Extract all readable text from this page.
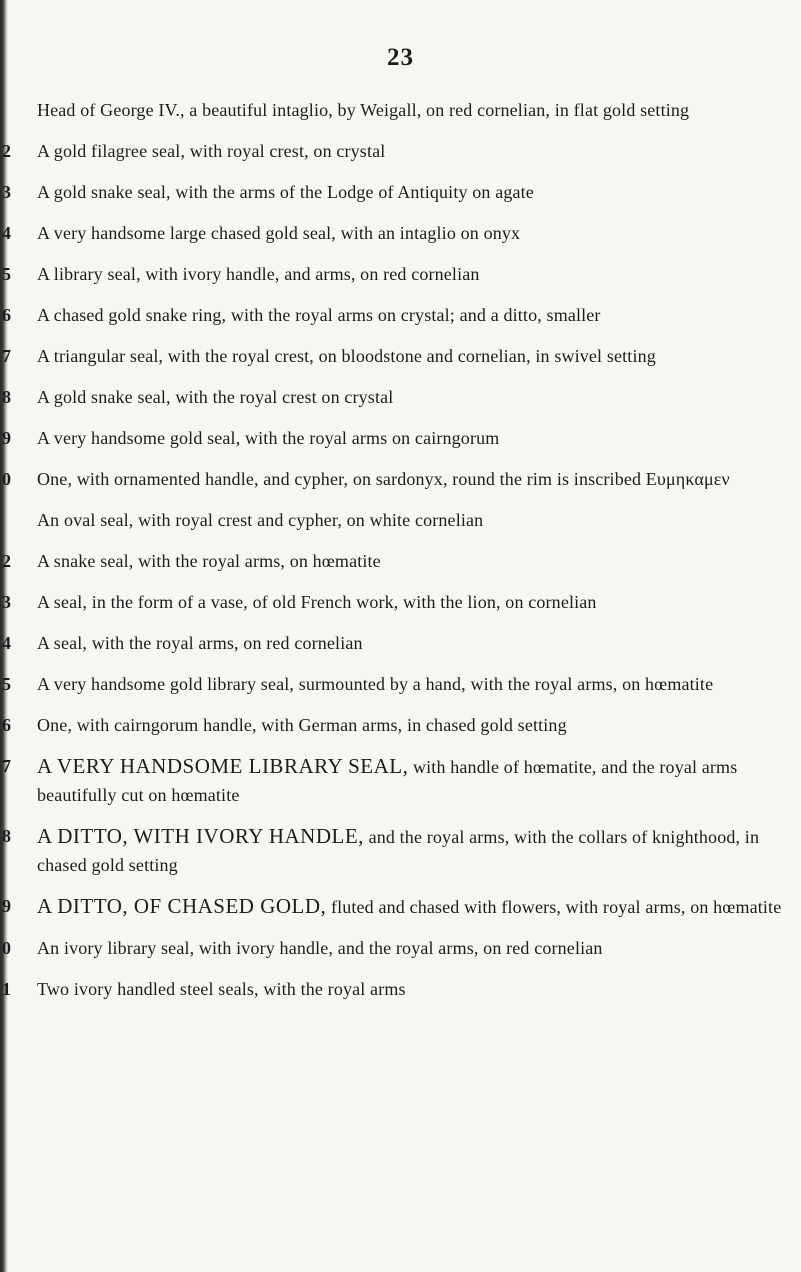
23
Head of George IV., a beautiful intaglio, by Weigall, on red cornelian, in flat gold setting
2 A gold filagree seal, with royal crest, on crystal
3 A gold snake seal, with the arms of the Lodge of Antiquity on agate
4 A very handsome large chased gold seal, with an intaglio on onyx
5 A library seal, with ivory handle, and arms, on red cornelian
6 A chased gold snake ring, with the royal arms on crystal; and a ditto, smaller
7 A triangular seal, with the royal crest, on bloodstone and cornelian, in swivel setting
8 A gold snake seal, with the royal crest on crystal
9 A very handsome gold seal, with the royal arms on cairngorum
0 One, with ornamented handle, and cypher, on sardonyx, round the rim is inscribed Ευμηκαμεν
An oval seal, with royal crest and cypher, on white cornelian
2 A snake seal, with the royal arms, on hœmatite
3 A seal, in the form of a vase, of old French work, with the lion, on cornelian
4 A seal, with the royal arms, on red cornelian
5 A very handsome gold library seal, surmounted by a hand, with the royal arms, on hœmatite
6 One, with cairngorum handle, with German arms, in chased gold setting
7 A VERY HANDSOME LIBRARY SEAL, with handle of hœmatite, and the royal arms beautifully cut on hœmatite
8 A DITTO, WITH IVORY HANDLE, and the royal arms, with the collars of knighthood, in chased gold setting
9 A DITTO, OF CHASED GOLD, fluted and chased with flowers, with royal arms, on hœmatite
0 An ivory library seal, with ivory handle, and the royal arms, on red cornelian
1 Two ivory handled steel seals, with the royal arms
